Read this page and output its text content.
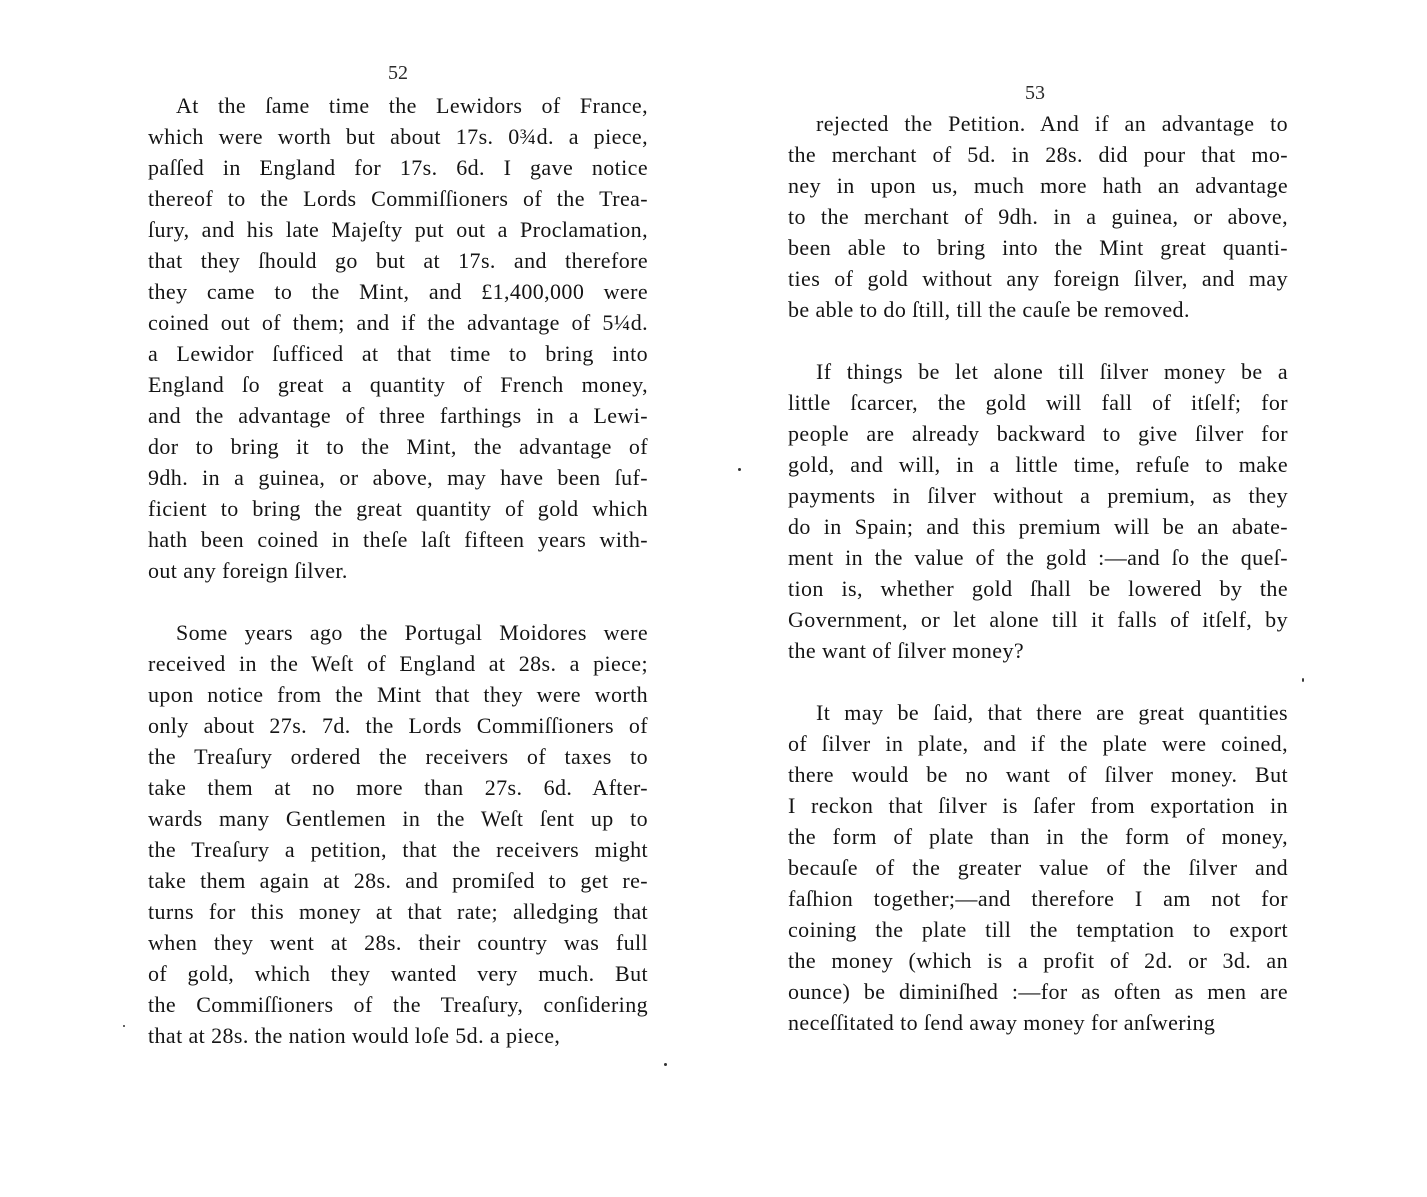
52
At the ſame time the Lewidors of France,
which were worth but about 17s. 0¾d. a piece,
paſſed in England for 17s. 6d. I gave notice
thereof to the Lords Commiſſioners of the Trea-
ſury, and his late Majeſty put out a Proclamation,
that they ſhould go but at 17s. and therefore
they came to the Mint, and £1,400,000 were
coined out of them; and if the advantage of 5¼d.
a Lewidor ſufficed at that time to bring into
England ſo great a quantity of French money,
and the advantage of three farthings in a Lewi-
dor to bring it to the Mint, the advantage of
9dh. in a guinea, or above, may have been ſuf-
ficient to bring the great quantity of gold which
hath been coined in theſe laſt fifteen years with-
out any foreign ſilver.
Some years ago the Portugal Moidores were
received in the Weſt of England at 28s. a piece;
upon notice from the Mint that they were worth
only about 27s. 7d. the Lords Commiſſioners of
the Treaſury ordered the receivers of taxes to
take them at no more than 27s. 6d. After-
wards many Gentlemen in the Weſt ſent up to
the Treaſury a petition, that the receivers might
take them again at 28s. and promiſed to get re-
turns for this money at that rate; alledging that
when they went at 28s. their country was full
of gold, which they wanted very much. But
the Commiſſioners of the Treaſury, conſidering
that at 28s. the nation would loſe 5d. a piece,
53
rejected the Petition. And if an advantage to
the merchant of 5d. in 28s. did pour that mo-
ney in upon us, much more hath an advantage
to the merchant of 9dh. in a guinea, or above,
been able to bring into the Mint great quanti-
ties of gold without any foreign ſilver, and may
be able to do ſtill, till the cauſe be removed.
If things be let alone till ſilver money be a
little ſcarcer, the gold will fall of itſelf; for
people are already backward to give ſilver for
gold, and will, in a little time, refuſe to make
payments in ſilver without a premium, as they
do in Spain; and this premium will be an abate-
ment in the value of the gold :—and ſo the queſ-
tion is, whether gold ſhall be lowered by the
Government, or let alone till it falls of itſelf, by
the want of ſilver money?
It may be ſaid, that there are great quantities
of ſilver in plate, and if the plate were coined,
there would be no want of ſilver money. But
I reckon that ſilver is ſafer from exportation in
the form of plate than in the form of money,
becauſe of the greater value of the ſilver and
faſhion together;—and therefore I am not for
coining the plate till the temptation to export
the money (which is a profit of 2d. or 3d. an
ounce) be diminiſhed :—for as often as men are
neceſſitated to ſend away money for anſwering
